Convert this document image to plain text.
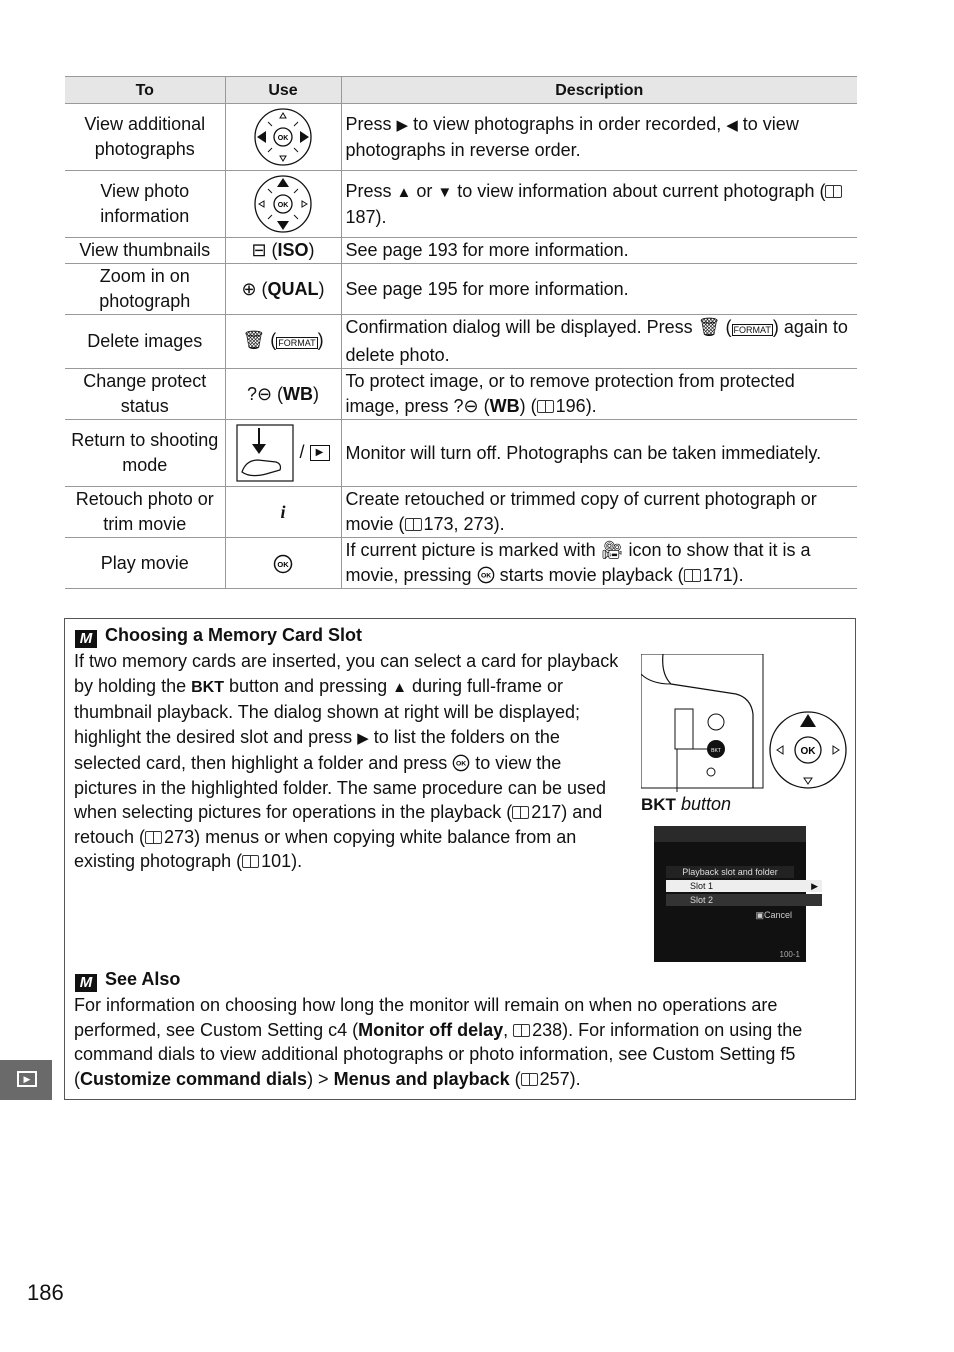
To	Use	Description
View additional photographs	OK	Press ▶ to view photographs in order recorded, ◀ to view photographs in reverse order.
View photo information	OK	Press ▲ or ▼ to view information about current photograph (187).
View thumbnails	⊟ (ISO)	See page 193 for more information.
Zoom in on photograph	⊕ (QUAL)	See page 195 for more information.
Delete images	🗑︎ ( FORMAT )	Confirmation dialog will be displayed. Press 🗑︎ ( FORMAT ) again to delete photo.
Change protect status	?⊖ (WB)	To protect image, or to remove protection from protected image, press ?⊖ (WB) ( 196).
Return to shooting mode	/ ▶	Monitor will turn off. Photographs can be taken immediately.
Retouch photo or trim movie	i	Create retouched or trimmed copy of current photograph or movie ( 173, 273).
Play movie	OK	If current picture is marked with 🎥︎ icon to show that it is a movie, pressing OK starts movie playback ( 171).
M Choosing a Memory Card Slot
If two memory cards are inserted, you can select a card for playback by holding the BKT button and pressing ▲ during full-frame or thumbnail playback. The dialog shown at right will be displayed; highlight the desired slot and press ▶ to list the folders on the selected card, then highlight a folder and press OK to view the pictures in the highlighted folder. The same procedure can be used when selecting pictures for operations in the playback ( 217) and retouch ( 273) menus or when copying white balance from an existing photograph ( 101).
M See Also
For information on choosing how long the monitor will remain on when no operations are performed, see Custom Setting c4 (Monitor off delay, 238). For information on using the command dials to view additional photographs or photo information, see Custom Setting f5 (Customize command dials) > Menus and playback ( 257).
BKT	OK
BKT button
Playback slot and folder
Slot 1	▶
Slot 2
▣Cancel
100-1
▶
186
